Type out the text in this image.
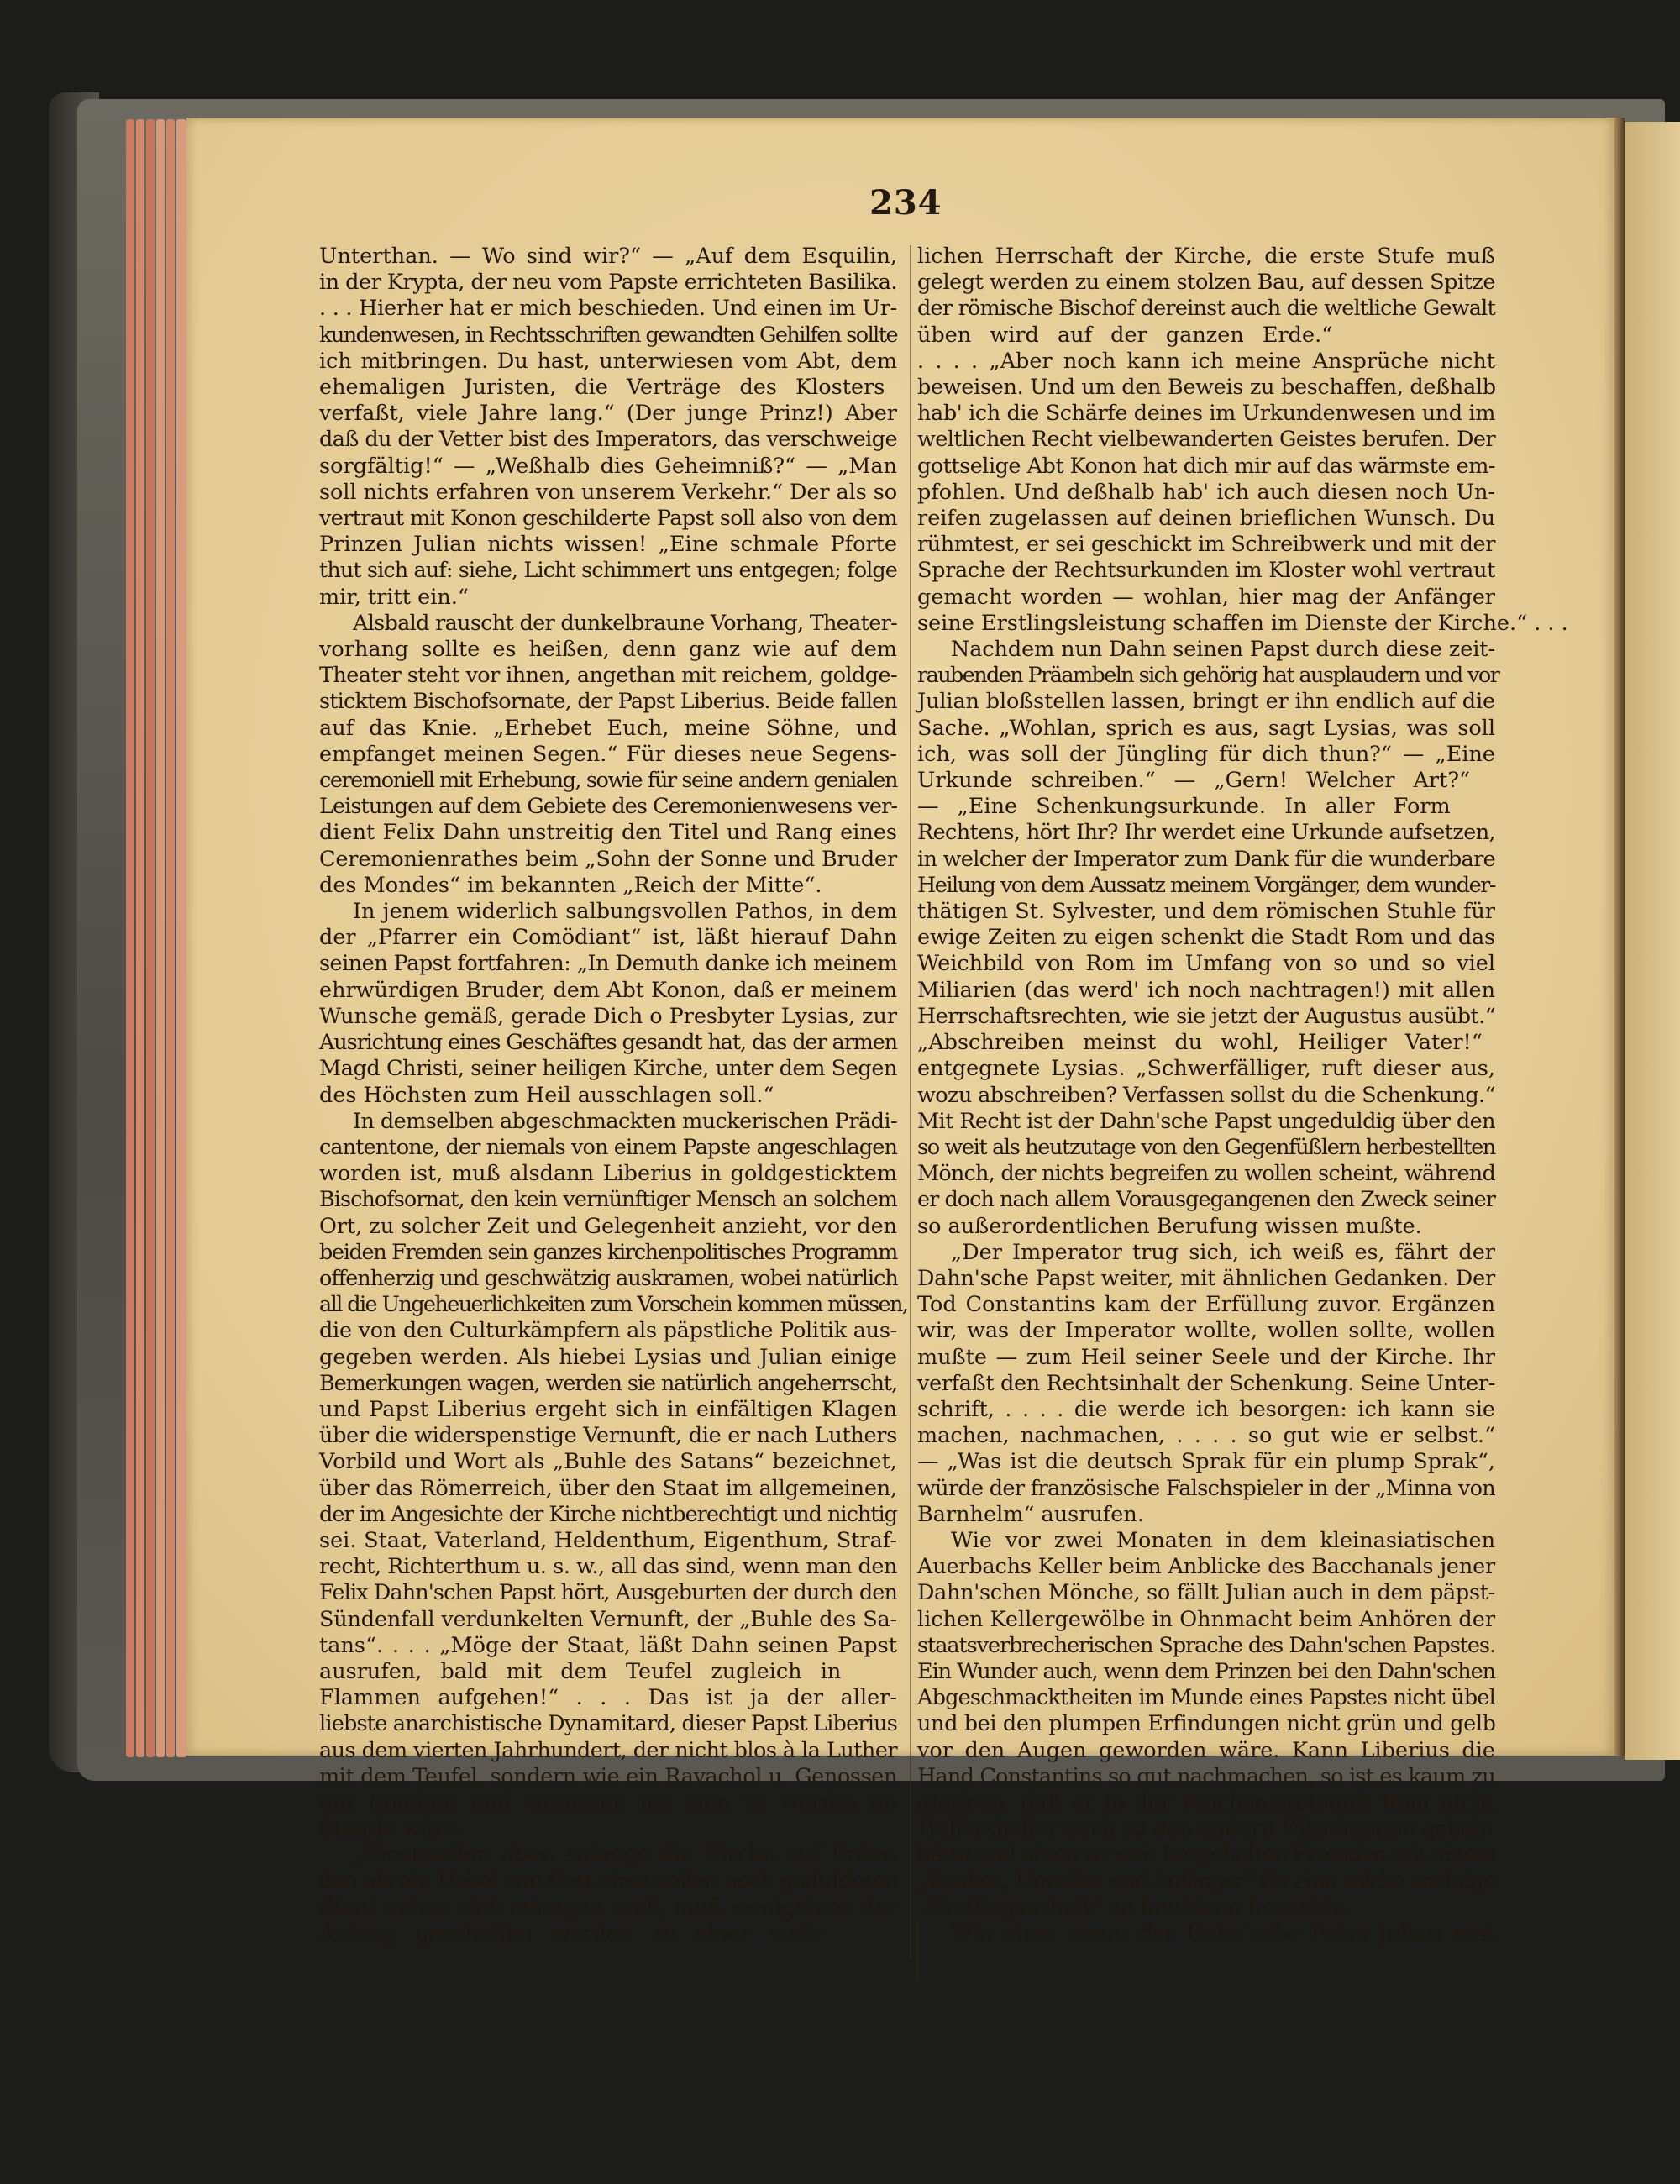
234

Unterthan. — Wo sind wir?“ — „Auf dem Esquilin,

in der Krypta, der neu vom Papste errichteten Basilika.

. . . Hierher hat er mich beschieden. Und einen im Ur-

kundenwesen, in Rechtsschriften gewandten Gehilfen sollte

ich mitbringen. Du hast, unterwiesen vom Abt, dem

ehemaligen Juristen, die Verträge des Klosters

verfaßt, viele Jahre lang.“ (Der junge Prinz!) Aber

daß du der Vetter bist des Imperators, das verschweige

sorgfältig!“ — „Weßhalb dies Geheimniß?“ — „Man

soll nichts erfahren von unserem Verkehr.“ Der als so

vertraut mit Konon geschilderte Papst soll also von dem

Prinzen Julian nichts wissen! „Eine schmale Pforte

thut sich auf: siehe, Licht schimmert uns entgegen; folge

mir, tritt ein.“

Alsbald rauscht der dunkelbraune Vorhang, Theater-

vorhang sollte es heißen, denn ganz wie auf dem

Theater steht vor ihnen, angethan mit reichem, goldge-

sticktem Bischofsornate, der Papst Liberius. Beide fallen

auf das Knie. „Erhebet Euch, meine Söhne, und

empfanget meinen Segen.“ Für dieses neue Segens-

ceremoniell mit Erhebung, sowie für seine andern genialen

Leistungen auf dem Gebiete des Ceremonienwesens ver-

dient Felix Dahn unstreitig den Titel und Rang eines

Ceremonienrathes beim „Sohn der Sonne und Bruder

des Mondes“ im bekannten „Reich der Mitte“.

In jenem widerlich salbungsvollen Pathos, in dem

der „Pfarrer ein Comödiant“ ist, läßt hierauf Dahn

seinen Papst fortfahren: „In Demuth danke ich meinem

ehrwürdigen Bruder, dem Abt Konon, daß er meinem

Wunsche gemäß, gerade Dich o Presbyter Lysias, zur

Ausrichtung eines Geschäftes gesandt hat, das der armen

Magd Christi, seiner heiligen Kirche, unter dem Segen

des Höchsten zum Heil ausschlagen soll.“

In demselben abgeschmackten muckerischen Prädi-

cantentone, der niemals von einem Papste angeschlagen

worden ist, muß alsdann Liberius in goldgesticktem

Bischofsornat, den kein vernünftiger Mensch an solchem

Ort, zu solcher Zeit und Gelegenheit anzieht, vor den

beiden Fremden sein ganzes kirchenpolitisches Programm

offenherzig und geschwätzig auskramen, wobei natürlich

all die Ungeheuerlichkeiten zum Vorschein kommen müssen,

die von den Culturkämpfern als päpstliche Politik aus-

gegeben werden. Als hiebei Lysias und Julian einige

Bemerkungen wagen, werden sie natürlich angeherrscht,

und Papst Liberius ergeht sich in einfältigen Klagen

über die widerspenstige Vernunft, die er nach Luthers

Vorbild und Wort als „Buhle des Satans“ bezeichnet,

über das Römerreich, über den Staat im allgemeinen,

der im Angesichte der Kirche nichtberechtigt und nichtig

sei. Staat, Vaterland, Heldenthum, Eigenthum, Straf-

recht, Richterthum u. s. w., all das sind, wenn man den

Felix Dahn'schen Papst hört, Ausgeburten der durch den

Sündenfall verdunkelten Vernunft, der „Buhle des Sa-

tans“. . . . „Möge der Staat, läßt Dahn seinen Papst

ausrufen, bald mit dem Teufel zugleich in

Flammen aufgehen!“ . . . Das ist ja der aller-

liebste anarchistische Dynamitard, dieser Papst Liberius

aus dem vierten Jahrhundert, der nicht blos à la Luther

mit dem Teufel, sondern wie ein Ravachol u. Genossen

mit Bomben und Granaten um sich zu werfen im

Stande wäre.

„Einstweilen aber, solange die Kirche auf Erden

den als ein Uebel von Gott einstweilen noch geduldeten

Staat neben sich ertragen muß, muß wenigstens der

Anfang geschaffen werden zu einer welt-

lichen Herrschaft der Kirche, die erste Stufe muß

gelegt werden zu einem stolzen Bau, auf dessen Spitze

der römische Bischof dereinst auch die weltliche Gewalt

üben wird auf der ganzen Erde.“

. . . . „Aber noch kann ich meine Ansprüche nicht

beweisen. Und um den Beweis zu beschaffen, deßhalb

hab' ich die Schärfe deines im Urkundenwesen und im

weltlichen Recht vielbewanderten Geistes berufen. Der

gottselige Abt Konon hat dich mir auf das wärmste em-

pfohlen. Und deßhalb hab' ich auch diesen noch Un-

reifen zugelassen auf deinen brieflichen Wunsch. Du

rühmtest, er sei geschickt im Schreibwerk und mit der

Sprache der Rechtsurkunden im Kloster wohl vertraut

gemacht worden — wohlan, hier mag der Anfänger

seine Erstlingsleistung schaffen im Dienste der Kirche.“ . . .

Nachdem nun Dahn seinen Papst durch diese zeit-

raubenden Präambeln sich gehörig hat ausplaudern und vor

Julian bloßstellen lassen, bringt er ihn endlich auf die

Sache. „Wohlan, sprich es aus, sagt Lysias, was soll

ich, was soll der Jüngling für dich thun?“ — „Eine

Urkunde schreiben.“ — „Gern! Welcher Art?“

— „Eine Schenkungsurkunde. In aller Form

Rechtens, hört Ihr? Ihr werdet eine Urkunde aufsetzen,

in welcher der Imperator zum Dank für die wunderbare

Heilung von dem Aussatz meinem Vorgänger, dem wunder-

thätigen St. Sylvester, und dem römischen Stuhle für

ewige Zeiten zu eigen schenkt die Stadt Rom und das

Weichbild von Rom im Umfang von so und so viel

Miliarien (das werd' ich noch nachtragen!) mit allen

Herrschaftsrechten, wie sie jetzt der Augustus ausübt.“

„Abschreiben meinst du wohl, Heiliger Vater!“

entgegnete Lysias. „Schwerfälliger, ruft dieser aus,

wozu abschreiben? Verfassen sollst du die Schenkung.“

Mit Recht ist der Dahn'sche Papst ungeduldig über den

so weit als heutzutage von den Gegenfüßlern herbestellten

Mönch, der nichts begreifen zu wollen scheint, während

er doch nach allem Vorausgegangenen den Zweck seiner

so außerordentlichen Berufung wissen mußte.

„Der Imperator trug sich, ich weiß es, fährt der

Dahn'sche Papst weiter, mit ähnlichen Gedanken. Der

Tod Constantins kam der Erfüllung zuvor. Ergänzen

wir, was der Imperator wollte, wollen sollte, wollen

mußte — zum Heil seiner Seele und der Kirche. Ihr

verfaßt den Rechtsinhalt der Schenkung. Seine Unter-

schrift, . . . . die werde ich besorgen: ich kann sie

machen, nachmachen, . . . . so gut wie er selbst.“

— „Was ist die deutsch Sprak für ein plump Sprak“,

würde der französische Falschspieler in der „Minna von

Barnhelm“ ausrufen.

Wie vor zwei Monaten in dem kleinasiatischen

Auerbachs Keller beim Anblicke des Bacchanals jener

Dahn'schen Mönche, so fällt Julian auch in dem päpst-

lichen Kellergewölbe in Ohnmacht beim Anhören der

staatsverbrecherischen Sprache des Dahn'schen Papstes.

Ein Wunder auch, wenn dem Prinzen bei den Dahn'schen

Abgeschmacktheiten im Munde eines Papstes nicht übel

und bei den plumpen Erfindungen nicht grün und gelb

vor den Augen geworden wäre. Kann Liberius die

Hand Constantins so gut nachmachen, so ist es kaum zu

glauben, daß er in der Reichshauptstadt Rom nicht

Helfershelfer auch zu den andern Fälschungen gehabt

hätte und einen so weit hergeholten Fremden mit einem

„Knaben, Unreifen und Anfänger“ für eine solche wichtige

„Erstlingsarbeit“ zu benützen brauchte.

Wie aber, wenn der Dahn'sche Prinz Julian erst
